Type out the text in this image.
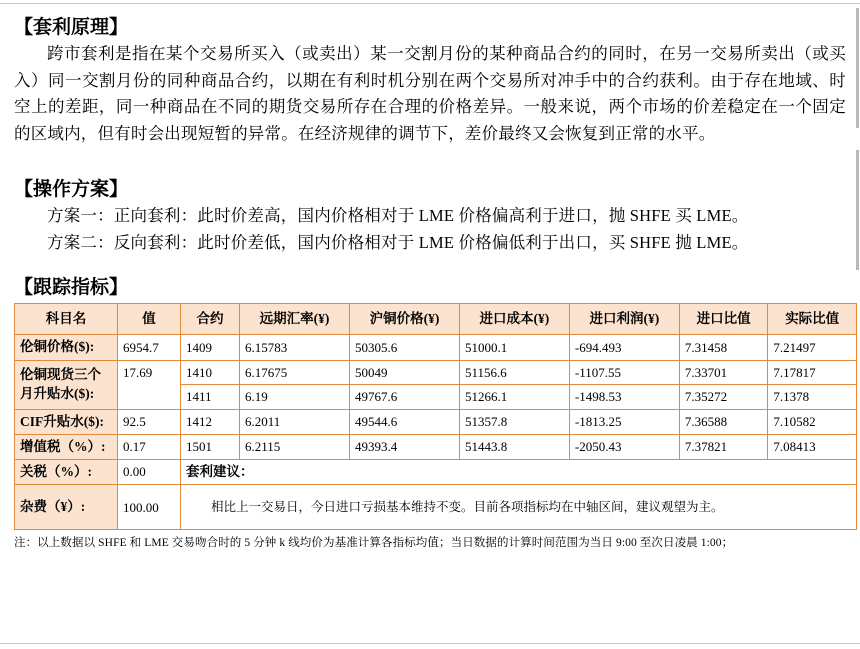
【套利原理】

跨市套利是指在某个交易所买入（或卖出）某一交割月份的某种商品合约的同时，在另一交易所卖出（或买入）同一交割月份的同种商品合约，以期在有利时机分别在两个交易所对冲手中的合约获利。由于存在地域、时空上的差距，同一种商品在不同的期货交易所存在合理的价格差异。一般来说，两个市场的价差稳定在一个固定的区域内，但有时会出现短暂的异常。在经济规律的调节下，差价最终又会恢复到正常的水平。

【操作方案】

方案一：正向套利：此时价差高，国内价格相对于 LME 价格偏高利于进口，抛 SHFE 买 LME。

方案二：反向套利：此时价差低，国内价格相对于 LME 价格偏低利于出口，买 SHFE 抛 LME。

【跟踪指标】
科目名	值	合约	远期汇率(¥)	沪铜价格(¥)	进口成本(¥)	进口利润(¥)	进口比值	实际比值
伦铜价格($):	6954.7	1409	6.15783	50305.6	51000.1	-694.493	7.31458	7.21497
伦铜现货三个月升贴水($):	17.69	1410	6.17675	50049	51156.6	-1107.55	7.33701	7.17817
		1411	6.19	49767.6	51266.1	-1498.53	7.35272	7.1378
CIF升贴水($):	92.5	1412	6.2011	49544.6	51357.8	-1813.25	7.36588	7.10582
增值税（%）:	0.17	1501	6.2115	49393.4	51443.8	-2050.43	7.37821	7.08413
关税（%）:	0.00	套利建议：						
杂费（¥）:	100.00	相比上一交易日，今日进口亏损基本维持不变。目前各项指标均在中轴区间，建议观望为主。						
注：以上数据以 SHFE 和 LME 交易吻合时的 5 分钟 k 线均价为基准计算各指标均值；当日数据的计算时间范围为当日 9:00 至次日凌晨 1:00；
